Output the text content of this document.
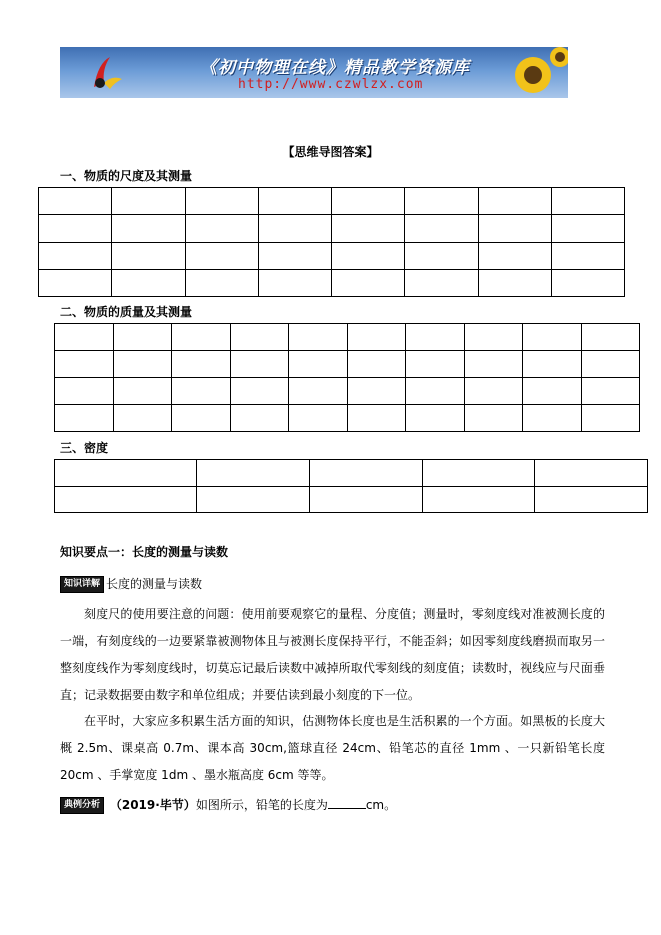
《初中物理在线》精品教学资源库
http://www.czwlzx.com
【思维导图答案】
一、物质的尺度及其测量

二、物质的质量及其测量

三、密度

知识要点一：长度的测量与读数
知识详解 长度的测量与读数
刻度尺的使用要注意的问题：使用前要观察它的量程、分度值；测量时，零刻度线对准被测长度的一端，有刻度线的一边要紧靠被测物体且与被测长度保持平行，不能歪斜；如因零刻度线磨损而取另一整刻度线作为零刻度线时，切莫忘记最后读数中减掉所取代零刻线的刻度值；读数时，视线应与尺面垂直；记录数据要由数字和单位组成；并要估读到最小刻度的下一位。
在平时，大家应多积累生活方面的知识，估测物体长度也是生活积累的一个方面。如黑板的长度大概 2.5m、课桌高 0.7m、课本高 30cm,篮球直径 24cm、铅笔芯的直径 1mm 、一只新铅笔长度 20cm 、手掌宽度 1dm 、墨水瓶高度 6cm 等等。
典例分析 （2019·毕节）如图所示，铅笔的长度为	cm。
